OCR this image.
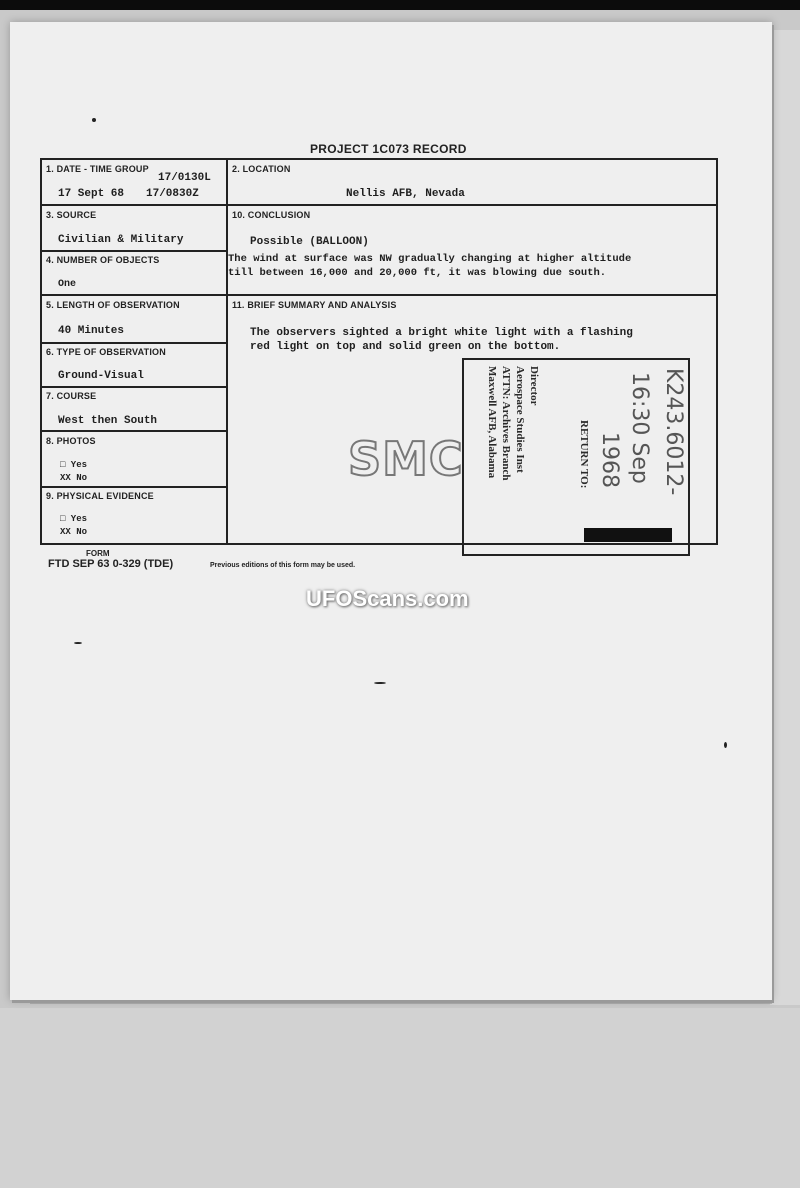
PROJECT 1C073 RECORD
1. DATE - TIME GROUP
17/0130L
17 Sept 68 17/0830Z
2. LOCATION
Nellis AFB, Nevada
3. SOURCE
Civilian & Military
10. CONCLUSION
Possible (BALLOON)
The wind at surface was NW gradually changing at higher altitude
till between 16,000 and 20,000 ft, it was blowing due south.
4. NUMBER OF OBJECTS
One
5. LENGTH OF OBSERVATION
40 Minutes
11. BRIEF SUMMARY AND ANALYSIS
The observers sighted a bright white light with a flashing
red light on top and solid green on the bottom.
6. TYPE OF OBSERVATION
Ground-Visual
7. COURSE
West then South
8. PHOTOS
□ Yes
XX No
9. PHYSICAL EVIDENCE
□ Yes
XX No
SMC
Director
Aerospace Studies Inst
ATTN: Archives Branch
Maxwell AFB, Alabama	RETURN TO:	K243.6012-
16:30 Sep
1968
FORM
FTD SEP 63 0-329 (TDE)	Previous editions of this form may be used.
UFOScans.com
